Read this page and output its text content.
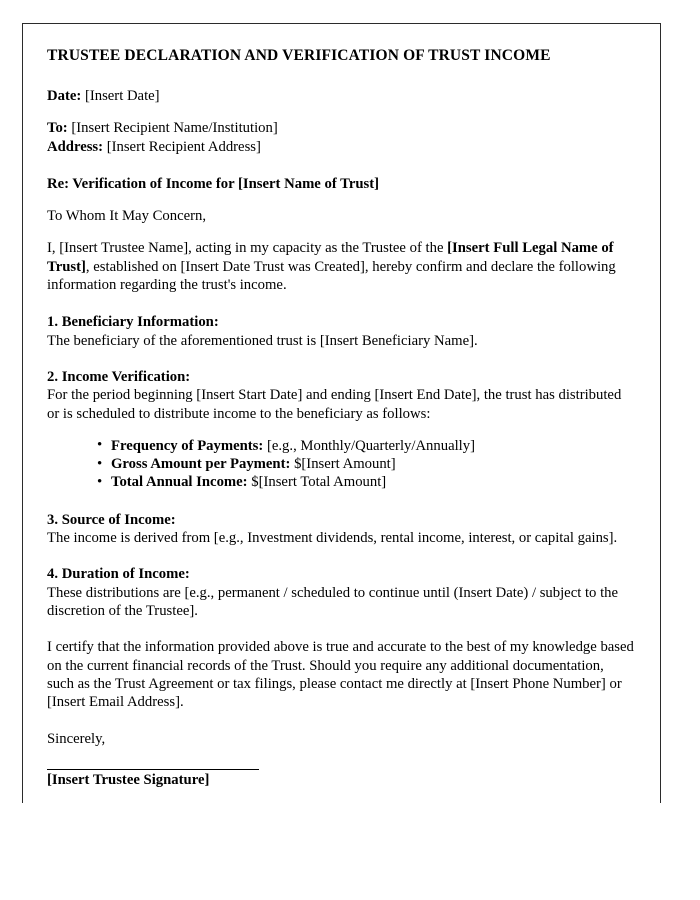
TRUSTEE DECLARATION AND VERIFICATION OF TRUST INCOME
Date: [Insert Date]
To: [Insert Recipient Name/Institution]
Address: [Insert Recipient Address]
Re: Verification of Income for [Insert Name of Trust]
To Whom It May Concern,
I, [Insert Trustee Name], acting in my capacity as the Trustee of the [Insert Full Legal Name of Trust], established on [Insert Date Trust was Created], hereby confirm and declare the following information regarding the trust's income.
1. Beneficiary Information:
The beneficiary of the aforementioned trust is [Insert Beneficiary Name].
2. Income Verification:
For the period beginning [Insert Start Date] and ending [Insert End Date], the trust has distributed or is scheduled to distribute income to the beneficiary as follows:
• Frequency of Payments: [e.g., Monthly/Quarterly/Annually]
• Gross Amount per Payment: $[Insert Amount]
• Total Annual Income: $[Insert Total Amount]
3. Source of Income:
The income is derived from [e.g., Investment dividends, rental income, interest, or capital gains].
4. Duration of Income:
These distributions are [e.g., permanent / scheduled to continue until (Insert Date) / subject to the discretion of the Trustee].
I certify that the information provided above is true and accurate to the best of my knowledge based on the current financial records of the Trust. Should you require any additional documentation, such as the Trust Agreement or tax filings, please contact me directly at [Insert Phone Number] or [Insert Email Address].
Sincerely,
[Insert Trustee Signature]
